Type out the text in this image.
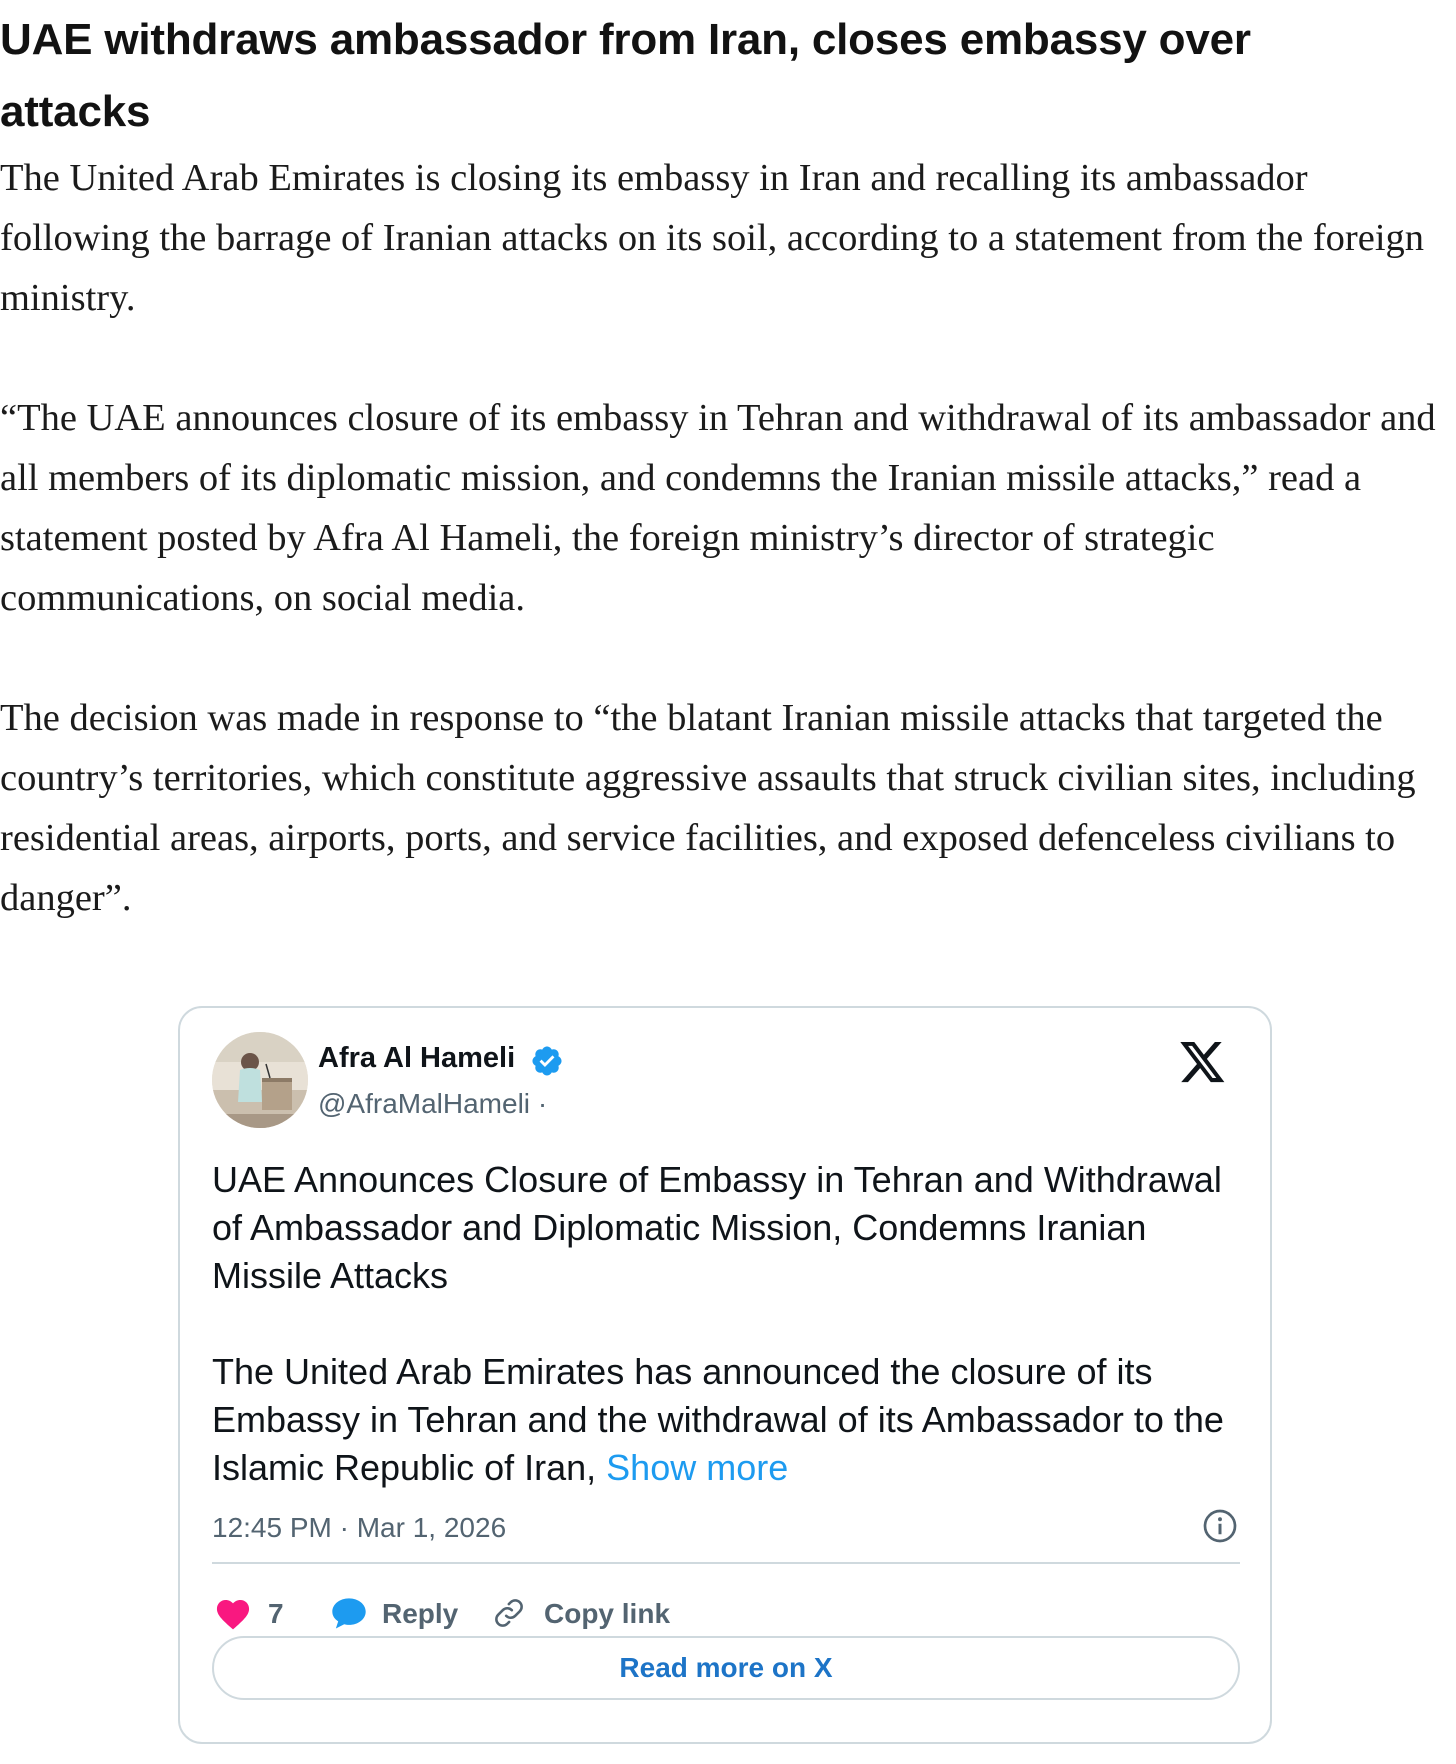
UAE withdraws ambassador from Iran, closes embassy over attacks

The United Arab Emirates is closing its embassy in Iran and recalling its ambassador following the barrage of Iranian attacks on its soil, according to a statement from the foreign ministry.

“The UAE announces closure of its embassy in Tehran and withdrawal of its ambassador and all members of its diplomatic mission, and condemns the Iranian missile attacks,” read a statement posted by Afra Al Hameli, the foreign ministry’s director of strategic communications, on social media.

The decision was made in response to “the blatant Iranian missile attacks that targeted the country’s territories, which constitute aggressive assaults that struck civilian sites, including residential areas, airports, ports, and service facilities, and exposed defenceless civilians to danger”.

Afra Al Hameli
@AfraMalHameli ·

UAE Announces Closure of Embassy in Tehran and Withdrawal of Ambassador and Diplomatic Mission, Condemns Iranian Missile Attacks

The United Arab Emirates has announced the closure of its Embassy in Tehran and the withdrawal of its Ambassador to the Islamic Republic of Iran, Show more

12:45 PM · Mar 1, 2026
7	Reply	Copy link
Read more on X
